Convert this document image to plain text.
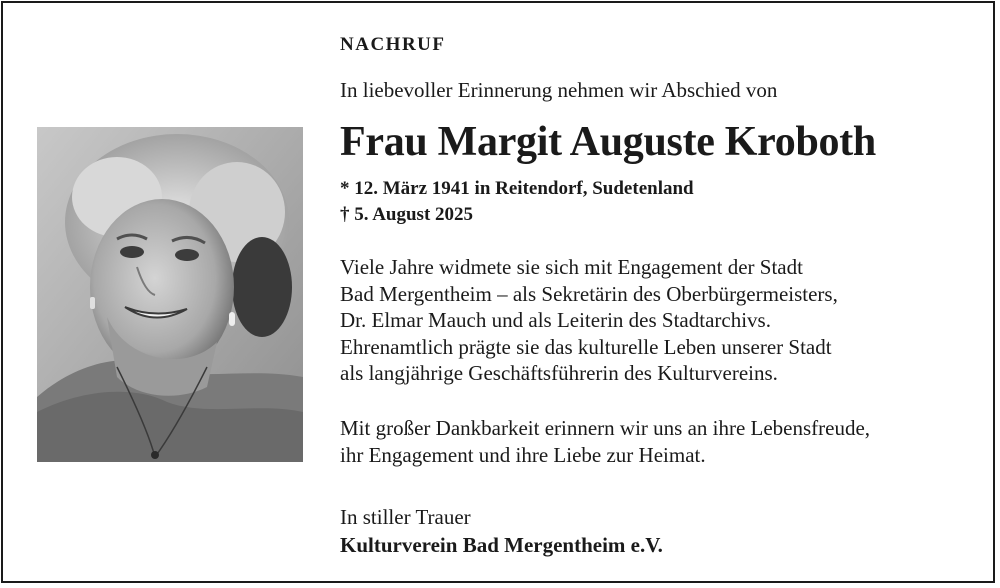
NACHRUF
In liebevoller Erinnerung nehmen wir Abschied von
Frau Margit Auguste Kroboth
* 12. März 1941 in Reitendorf, Sudetenland
† 5. August 2025
Viele Jahre widmete sie sich mit Engagement der Stadt
Bad Mergentheim – als Sekretärin des Oberbürgermeisters,
Dr. Elmar Mauch und als Leiterin des Stadtarchivs.
Ehrenamtlich prägte sie das kulturelle Leben unserer Stadt
als langjährige Geschäftsführerin des Kulturvereins.
Mit großer Dankbarkeit erinnern wir uns an ihre Lebensfreude,
ihr Engagement und ihre Liebe zur Heimat.
In stiller Trauer
Kulturverein Bad Mergentheim e.V.
